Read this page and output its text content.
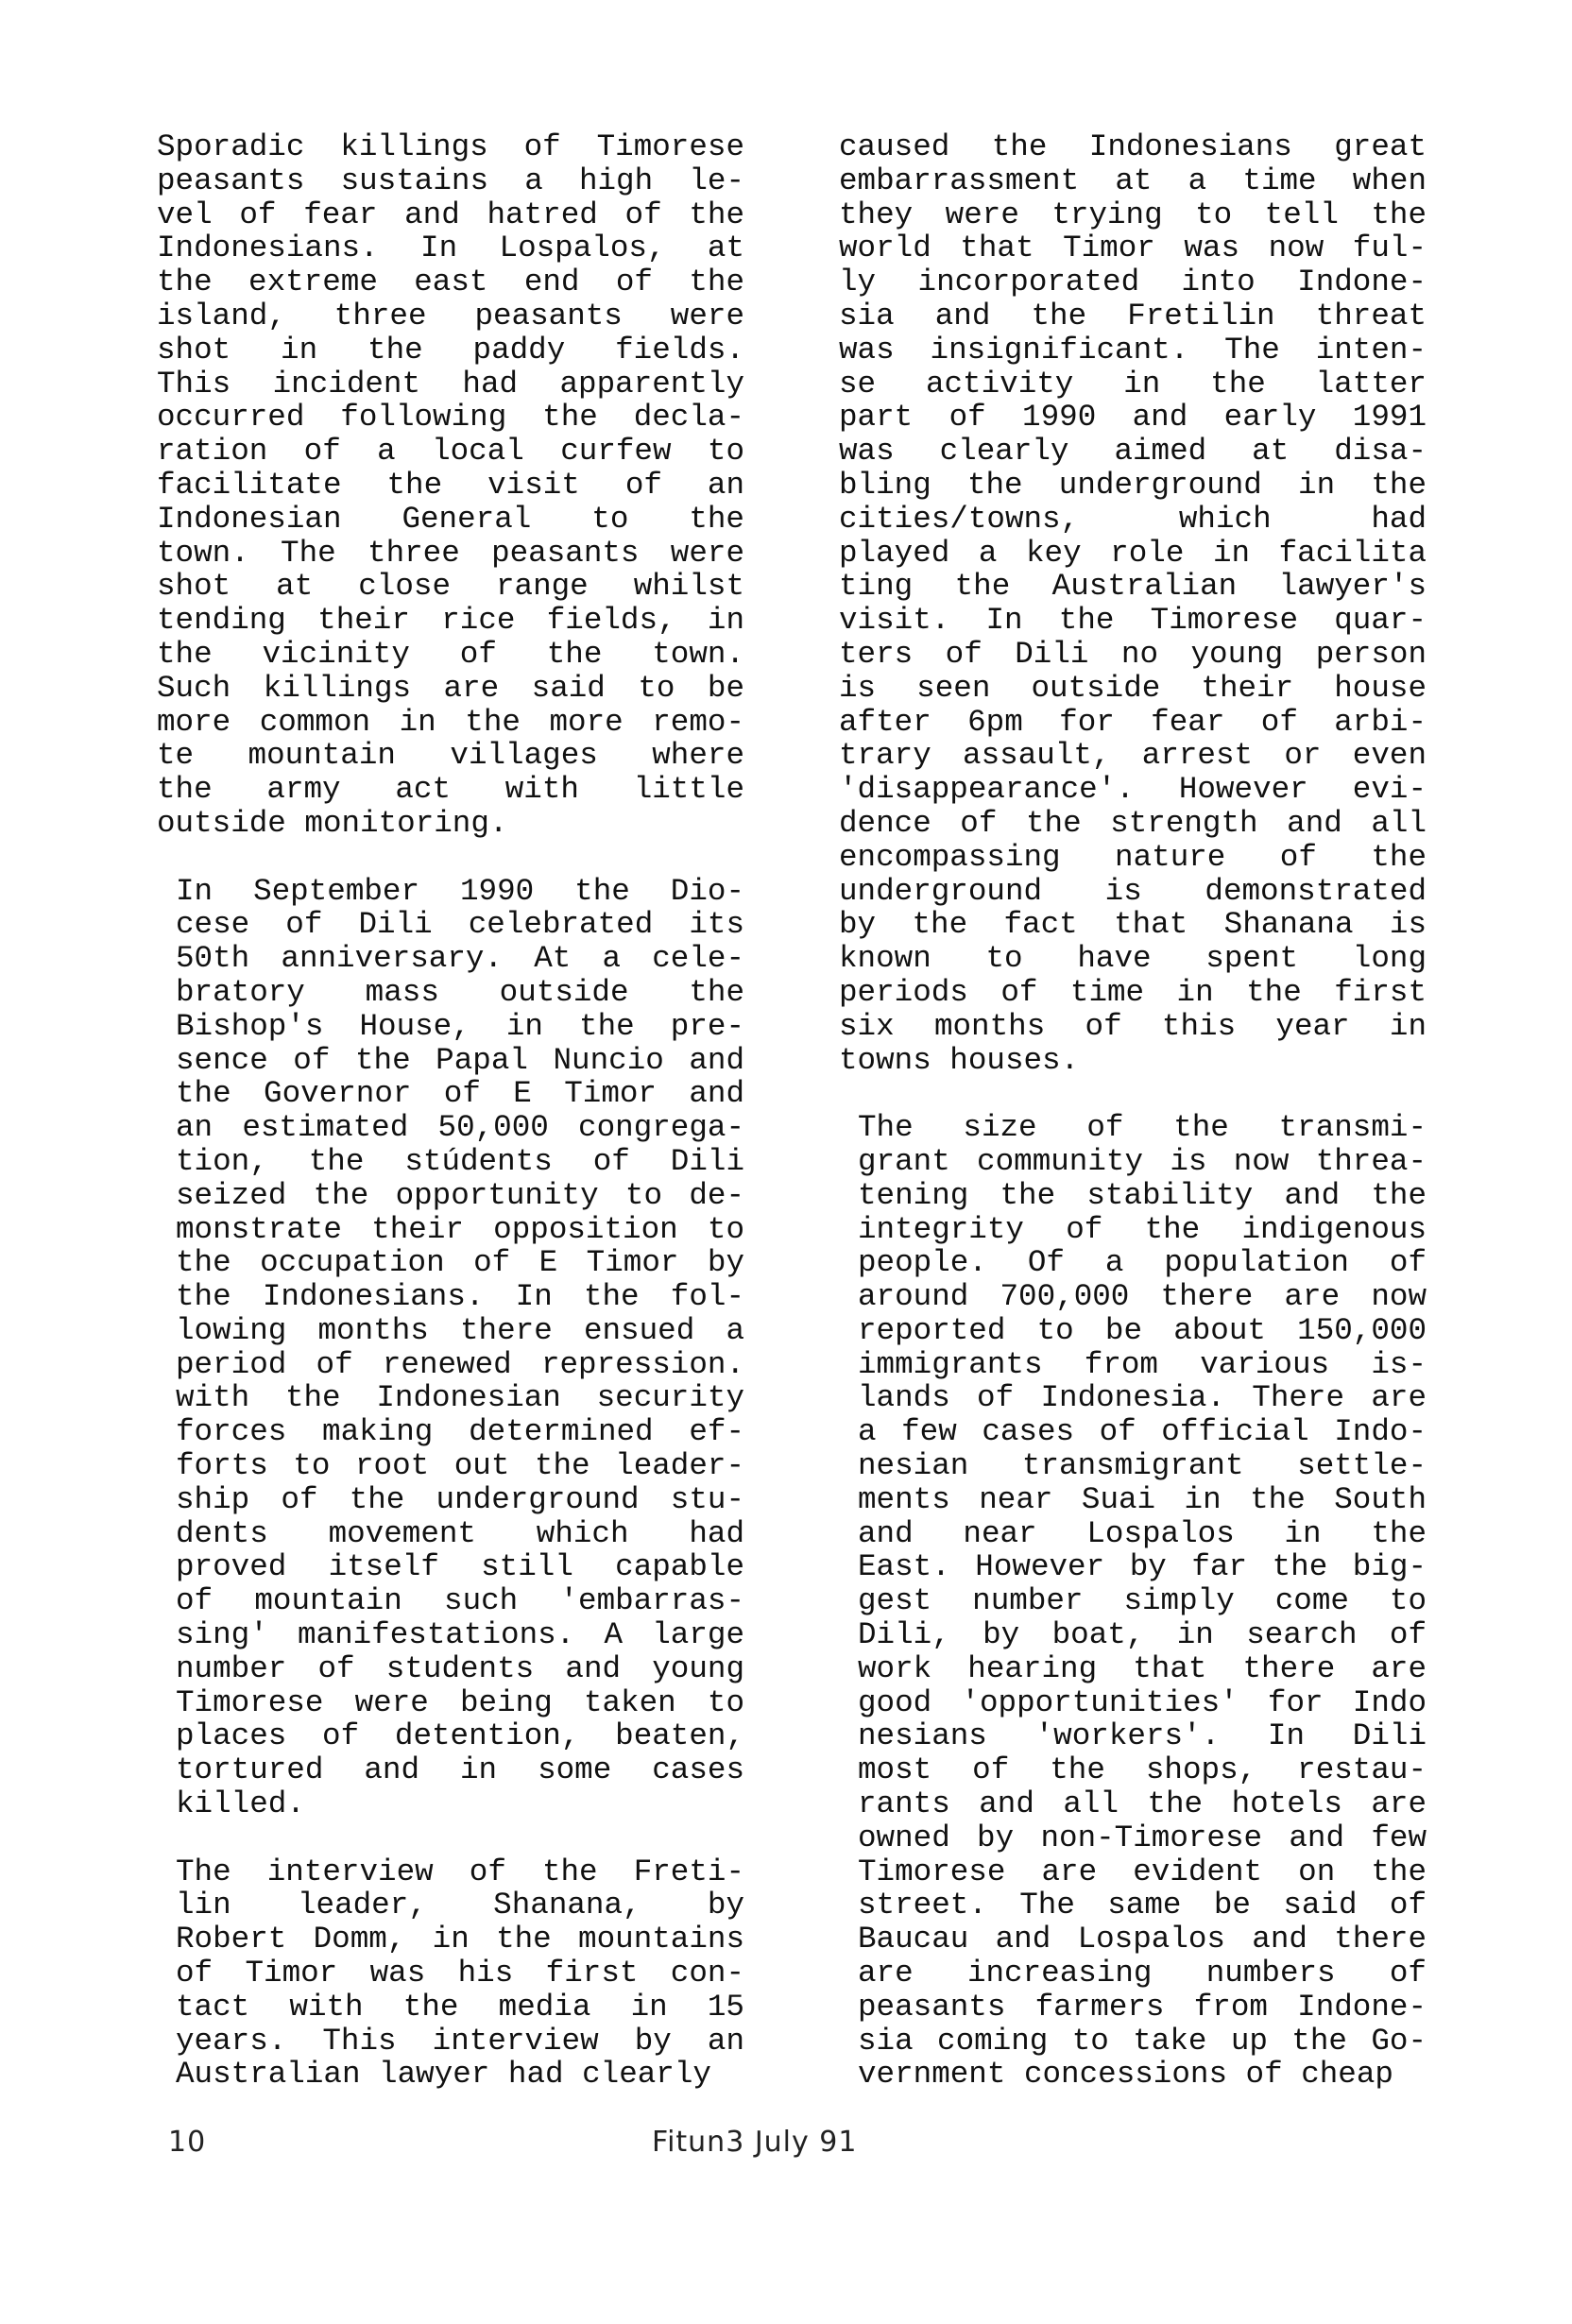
Sporadic killings of Timorese
peasants sustains a high le-
vel of fear and hatred of the
Indonesians. In Lospalos, at
the extreme east end of the
island, three peasants were
shot in the paddy fields.
This incident had apparently
occurred following the decla-
ration of a local curfew to
facilitate the visit of an
Indonesian General to the
town. The three peasants were
shot at close range whilst
tending their rice fields, in
the vicinity of the town.
Such killings are said to be
more common in the more remo-
te mountain villages where
the army act with little
outside monitoring.

In September 1990 the Dio-
cese of Dili celebrated its
50th anniversary. At a cele-
bratory mass outside the
Bishop's House, in the pre-
sence of the Papal Nuncio and
the Governor of E Timor and
an estimated 50,000 congrega-
tion, the stúdents of Dili
seized the opportunity to de-
monstrate their opposition to
the occupation of E Timor by
the Indonesians. In the fol-
lowing months there ensued a
period of renewed repression.
with the Indonesian security
forces making determined ef-
forts to root out the leader-
ship of the underground stu-
dents movement which had
proved itself still capable
of mountain such 'embarras-
sing' manifestations. A large
number of students and young
Timorese were being taken to
places of detention, beaten,
tortured and in some cases
killed.

The interview of the Freti-
lin leader, Shanana, by
Robert Domm, in the mountains
of Timor was his first con-
tact with the media in 15
years. This interview by an
Australian lawyer had clearly

caused the Indonesians great
embarrassment at a time when
they were trying to tell the
world that Timor was now ful-
ly incorporated into Indone-
sia and the Fretilin threat
was insignificant. The inten-
se activity in the latter
part of 1990 and early 1991
was clearly aimed at disa-
bling the underground in the
cities/towns, which had
played a key role in facilita
ting the Australian lawyer's
visit. In the Timorese quar-
ters of Dili no young person
is seen outside their house
after 6pm for fear of arbi-
trary assault, arrest or even
'disappearance'. However evi-
dence of the strength and all
encompassing nature of the
underground is demonstrated
by the fact that Shanana is
known to have spent long
periods of time in the first
six months of this year in
towns houses.

The size of the transmi-
grant community is now threa-
tening the stability and the
integrity of the indigenous
people. Of a population of
around 700,000 there are now
reported to be about 150,000
immigrants from various is-
lands of Indonesia. There are
a few cases of official Indo-
nesian transmigrant settle-
ments near Suai in the South
and near Lospalos in the
East. However by far the big-
gest number simply come to
Dili, by boat, in search of
work hearing that there are
good 'opportunities' for Indo
nesians 'workers'. In Dili
most of the shops, restau-
rants and all the hotels are
owned by non-Timorese and few
Timorese are evident on the
street. The same be said of
Baucau and Lospalos and there
are increasing numbers of
peasants farmers from Indone-
sia coming to take up the Go-
vernment concessions of cheap

10	Fitun3 July 91
